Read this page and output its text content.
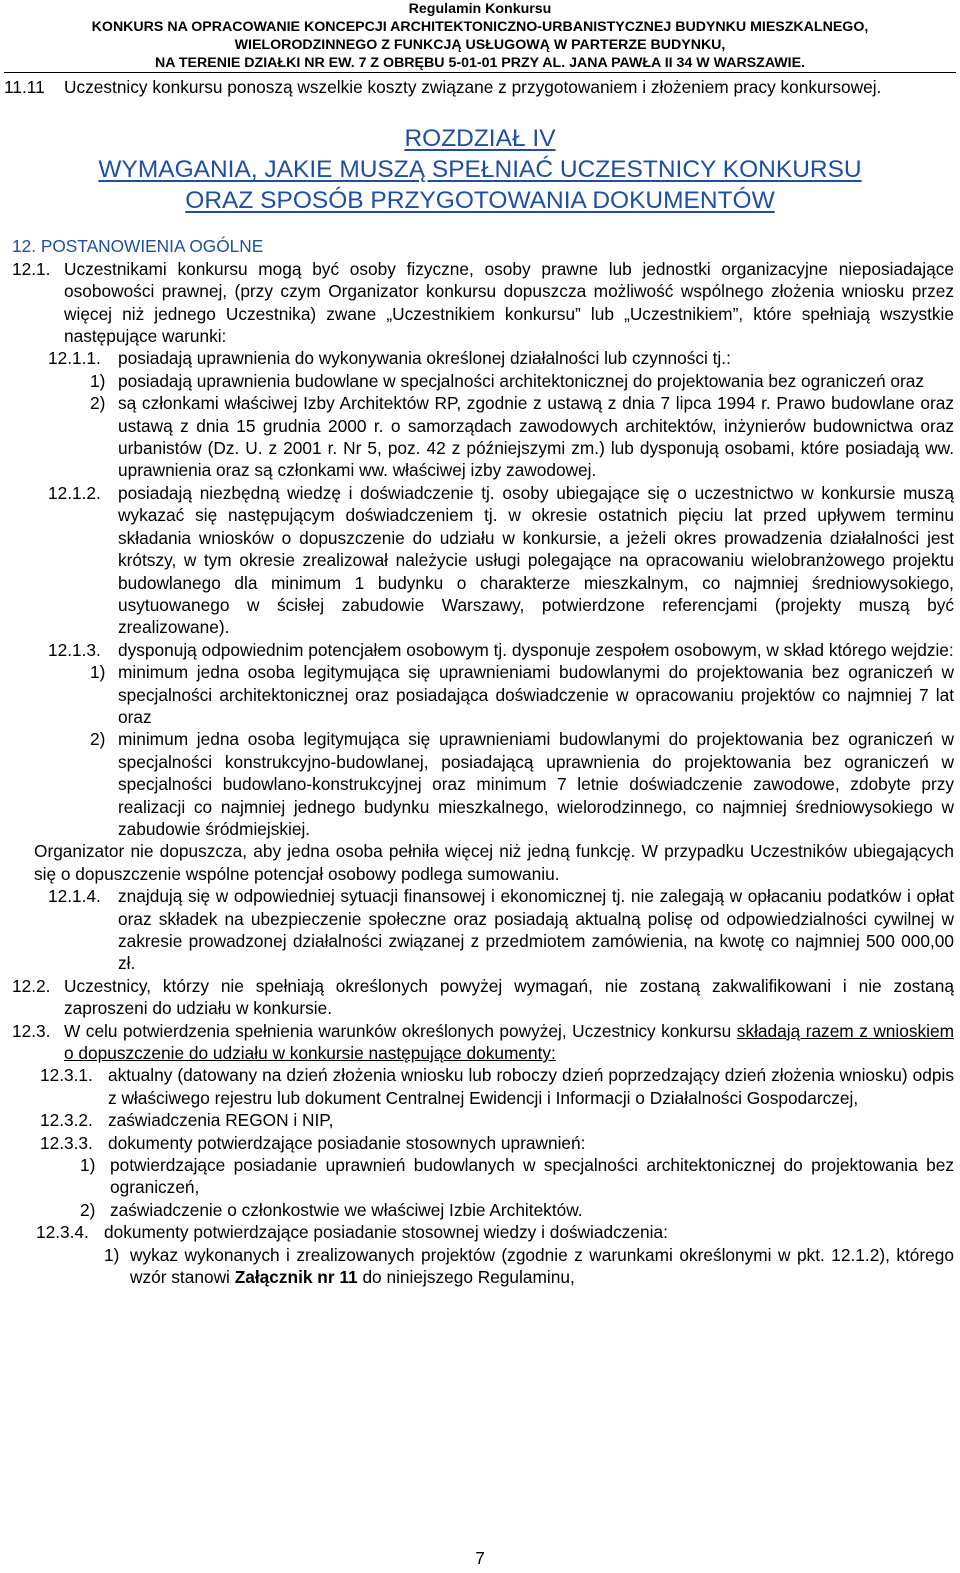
Regulamin Konkursu
KONKURS NA OPRACOWANIE KONCEPCJI ARCHITEKTONICZNO-URBANISTYCZNEJ BUDYNKU MIESZKALNEGO,
WIELORODZINNEGO Z FUNKCJĄ USŁUGOWĄ W PARTERZE BUDYNKU,
NA TERENIE DZIAŁKI NR EW. 7 Z OBRĘBU 5-01-01 PRZY AL. JANA PAWŁA II 34 W WARSZAWIE.
11.11	Uczestnicy konkursu ponoszą wszelkie koszty związane z przygotowaniem i złożeniem pracy konkursowej.
ROZDZIAŁ IV
WYMAGANIA, JAKIE MUSZĄ SPEŁNIAĆ UCZESTNICY KONKURSU
ORAZ SPOSÓB PRZYGOTOWANIA DOKUMENTÓW
12. POSTANOWIENIA OGÓLNE
12.1. Uczestnikami konkursu mogą być osoby fizyczne, osoby prawne lub jednostki organizacyjne nieposiadające osobowości prawnej, (przy czym Organizator konkursu dopuszcza możliwość wspólnego złożenia wniosku przez więcej niż jednego Uczestnika) zwane „Uczestnikiem konkursu” lub „Uczestnikiem”, które spełniają wszystkie następujące warunki:
12.1.1. posiadają uprawnienia do wykonywania określonej działalności lub czynności tj.:
1) posiadają uprawnienia budowlane w specjalności architektonicznej do projektowania bez ograniczeń oraz
2) są członkami właściwej Izby Architektów RP, zgodnie z ustawą z dnia 7 lipca 1994 r. Prawo budowlane oraz ustawą z dnia 15 grudnia 2000 r. o samorządach zawodowych architektów, inżynierów budownictwa oraz urbanistów (Dz. U. z 2001 r. Nr 5, poz. 42 z późniejszymi zm.) lub dysponują osobami, które posiadają ww. uprawnienia oraz są członkami ww. właściwej izby zawodowej.
12.1.2. posiadają niezbędną wiedzę i doświadczenie tj. osoby ubiegające się o uczestnictwo w konkursie muszą wykazać się następującym doświadczeniem tj. w okresie ostatnich pięciu lat przed upływem terminu składania wniosków o dopuszczenie do udziału w konkursie, a jeżeli okres prowadzenia działalności jest krótszy, w tym okresie zrealizował należycie usługi polegające na opracowaniu wielobranżowego projektu budowlanego dla minimum 1 budynku o charakterze mieszkalnym, co najmniej średniowysokiego, usytuowanego w ścisłej zabudowie Warszawy, potwierdzone referencjami (projekty muszą być zrealizowane).
12.1.3. dysponują odpowiednim potencjałem osobowym tj. dysponuje zespołem osobowym, w skład którego wejdzie:
1) minimum jedna osoba legitymująca się uprawnieniami budowlanymi do projektowania bez ograniczeń w specjalności architektonicznej oraz posiadająca doświadczenie w opracowaniu projektów co najmniej 7 lat oraz
2) minimum jedna osoba legitymująca się uprawnieniami budowlanymi do projektowania bez ograniczeń w specjalności konstrukcyjno-budowlanej, posiadającą uprawnienia do projektowania bez ograniczeń w specjalności budowlano-konstrukcyjnej oraz minimum 7 letnie doświadczenie zawodowe, zdobyte przy realizacji co najmniej jednego budynku mieszkalnego, wielorodzinnego, co najmniej średniowysokiego w zabudowie śródmiejskiej.
Organizator nie dopuszcza, aby jedna osoba pełniła więcej niż jedną funkcję. W przypadku Uczestników ubiegających się o dopuszczenie wspólne potencjał osobowy podlega sumowaniu.
12.1.4. znajdują się w odpowiedniej sytuacji finansowej i ekonomicznej tj. nie zalegają w opłacaniu podatków i opłat oraz składek na ubezpieczenie społeczne oraz posiadają aktualną polisę od odpowiedzialności cywilnej w zakresie prowadzonej działalności związanej z przedmiotem zamówienia, na kwotę co najmniej 500 000,00 zł.
12.2. Uczestnicy, którzy nie spełniają określonych powyżej wymagań, nie zostaną zakwalifikowani i nie zostaną zaproszeni do udziału w konkursie.
12.3. W celu potwierdzenia spełnienia warunków określonych powyżej, Uczestnicy konkursu składają razem z wnioskiem o dopuszczenie do udziału w konkursie następujące dokumenty:
12.3.1. aktualny (datowany na dzień złożenia wniosku lub roboczy dzień poprzedzający dzień złożenia wniosku) odpis z właściwego rejestru lub dokument Centralnej Ewidencji i Informacji o Działalności Gospodarczej,
12.3.2. zaświadczenia REGON i NIP,
12.3.3. dokumenty potwierdzające posiadanie stosownych uprawnień:
1) potwierdzające posiadanie uprawnień budowlanych w specjalności architektonicznej do projektowania bez ograniczeń,
2) zaświadczenie o członkostwie we właściwej Izbie Architektów.
12.3.4. dokumenty potwierdzające posiadanie stosownej wiedzy i doświadczenia:
1) wykaz wykonanych i zrealizowanych projektów (zgodnie z warunkami określonymi w pkt. 12.1.2), którego wzór stanowi Załącznik nr 11 do niniejszego Regulaminu,
7
